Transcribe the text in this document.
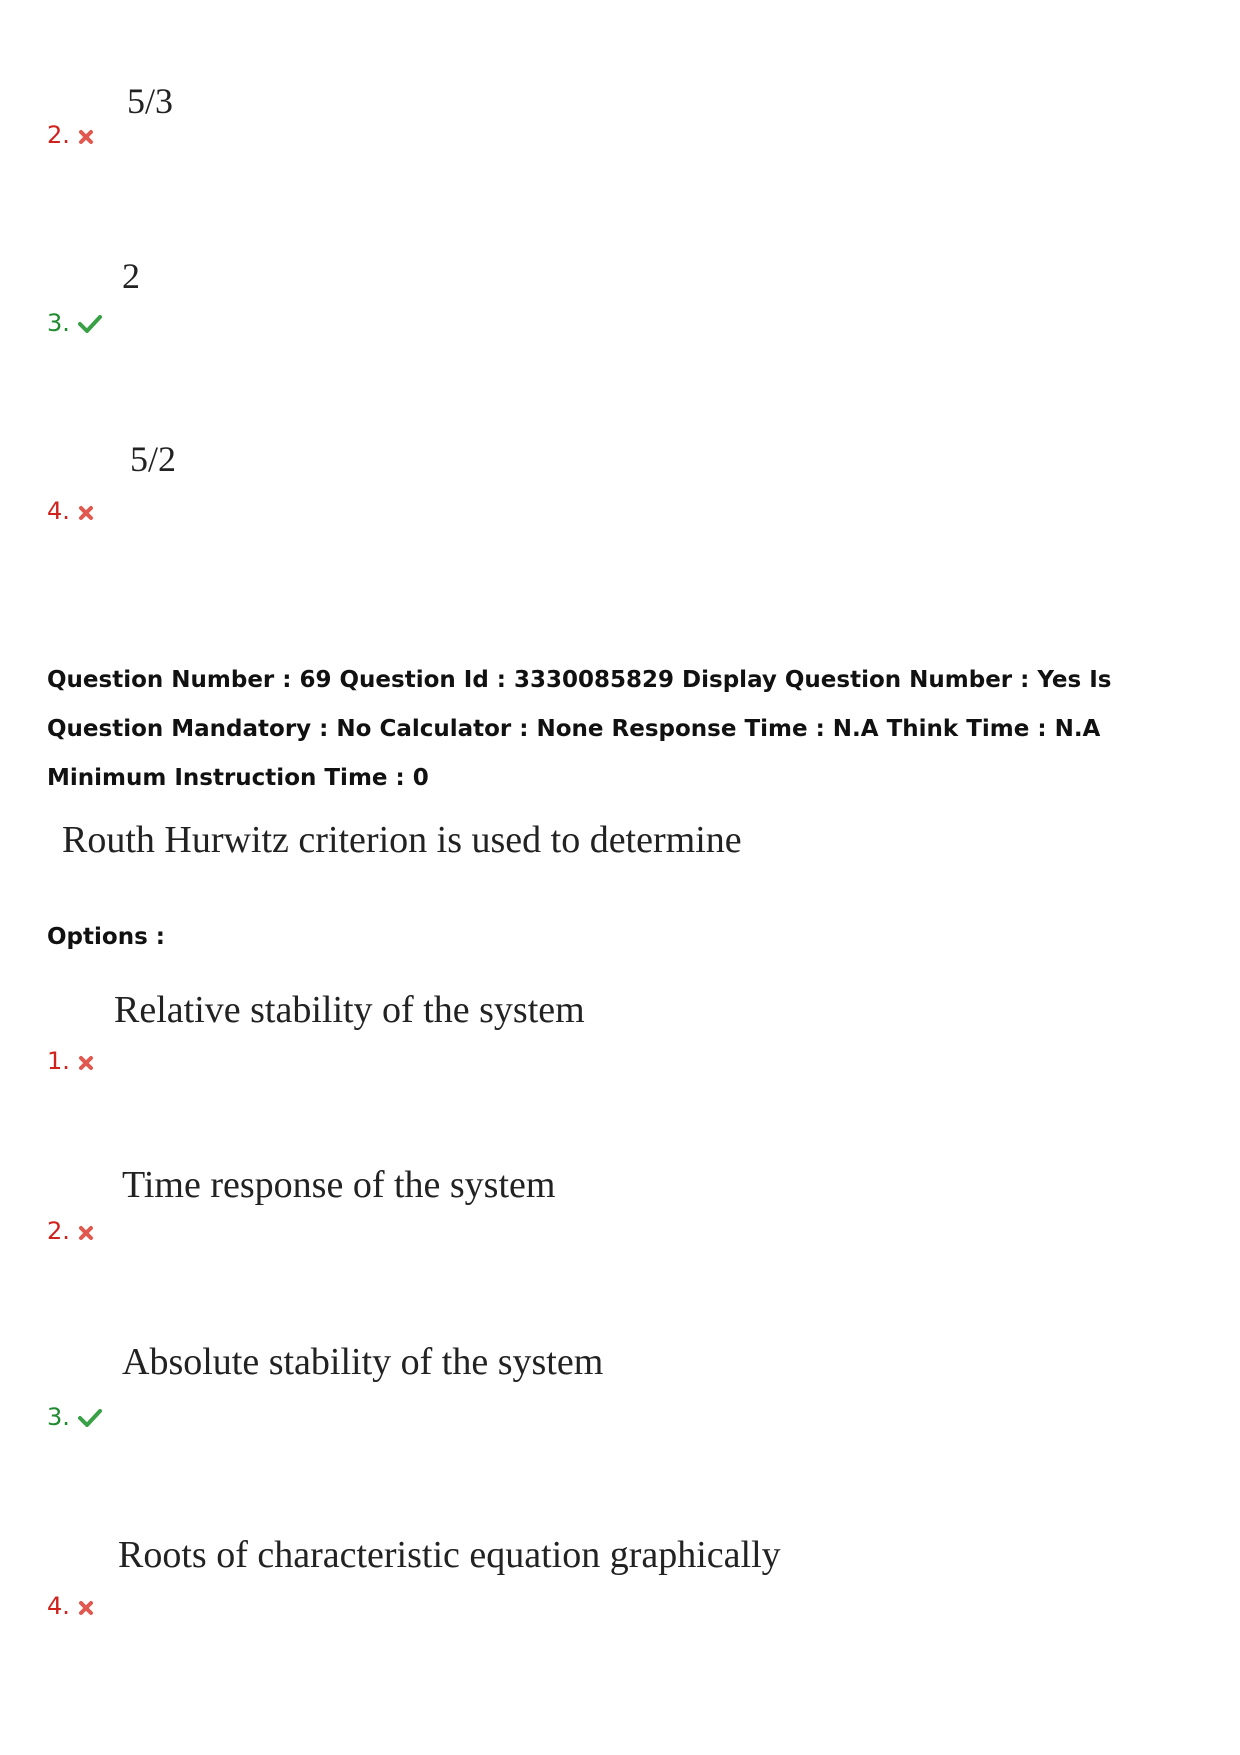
5/3
2.
2
3.
5/2
4.
Question Number : 69 Question Id : 3330085829 Display Question Number : Yes Is Question Mandatory : No Calculator : None Response Time : N.A Think Time : N.A Minimum Instruction Time : 0
Routh Hurwitz criterion is used to determine
Options :
Relative stability of the system
1.
Time response of the system
2.
Absolute stability of the system
3.
Roots of characteristic equation graphically
4.
